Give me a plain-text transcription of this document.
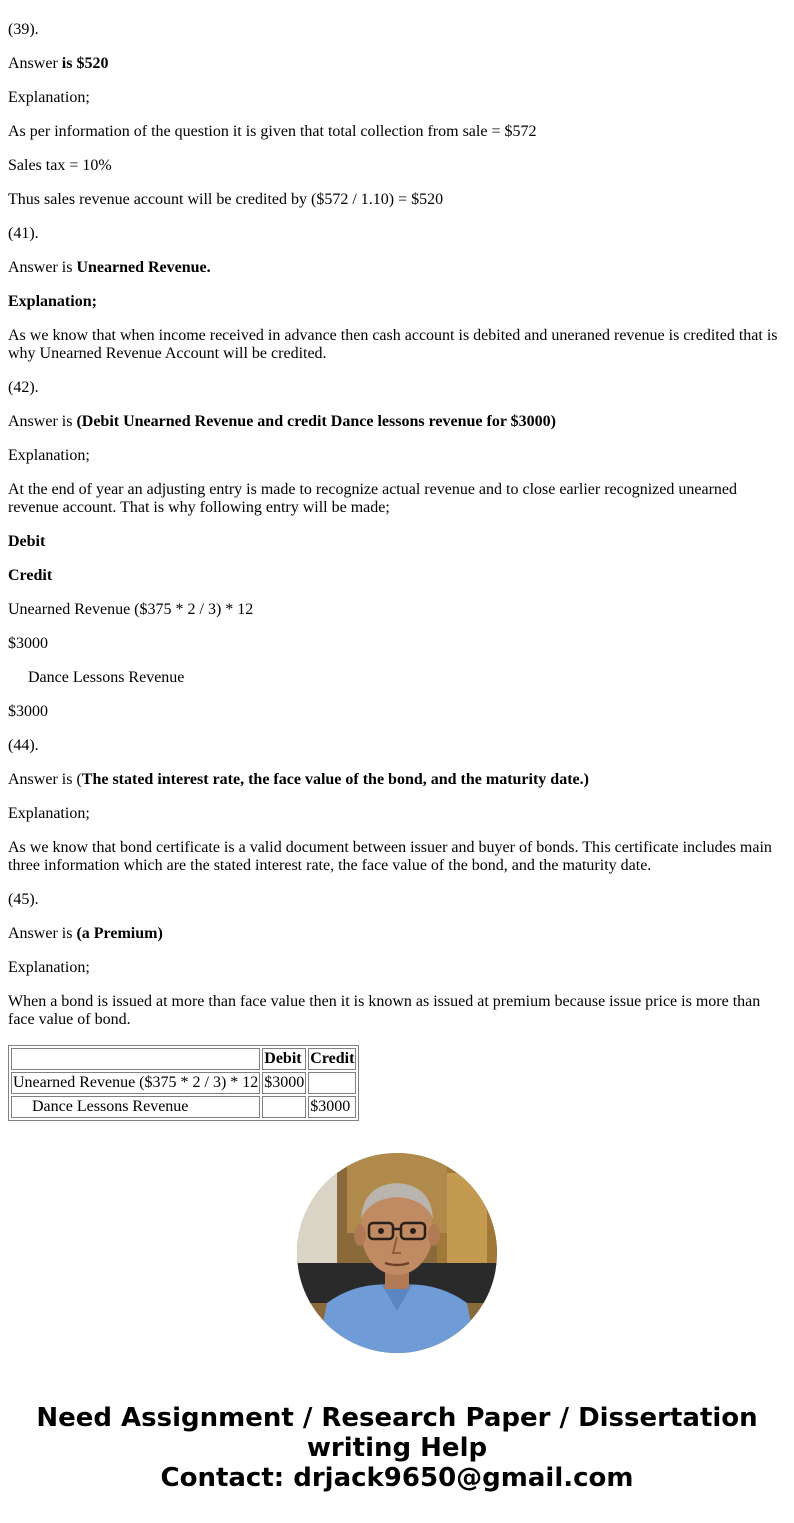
(39).

Answer is $520

Explanation;

As per information of the question it is given that total collection from sale = $572

Sales tax = 10%

Thus sales revenue account will be credited by ($572 / 1.10) = $520

(41).

Answer is Unearned Revenue.

Explanation;

As we know that when income received in advance then cash account is debited and uneraned revenue is credited that is why Unearned Revenue Account will be credited.

(42).

Answer is (Debit Unearned Revenue and credit Dance lessons revenue for $3000)

Explanation;

At the end of year an adjusting entry is made to recognize actual revenue and to close earlier recognized unearned revenue account. That is why following entry will be made;

Debit

Credit

Unearned Revenue ($375 * 2 / 3) * 12

$3000

Dance Lessons Revenue

$3000

(44).

Answer is (The stated interest rate, the face value of the bond, and the maturity date.)

Explanation;

As we know that bond certificate is a valid document between issuer and buyer of bonds. This certificate includes main three information which are the stated interest rate, the face value of the bond, and the maturity date.

(45).

Answer is (a Premium)

Explanation;

When a bond is issued at more than face value then it is known as issued at premium because issue price is more than face value of bond.

	Debit	Credit
Unearned Revenue ($375 * 2 / 3) * 12	$3000	
Dance Lessons Revenue		$3000
Need Assignment / Research Paper / Dissertation
writing Help
Contact: drjack9650@gmail.com
